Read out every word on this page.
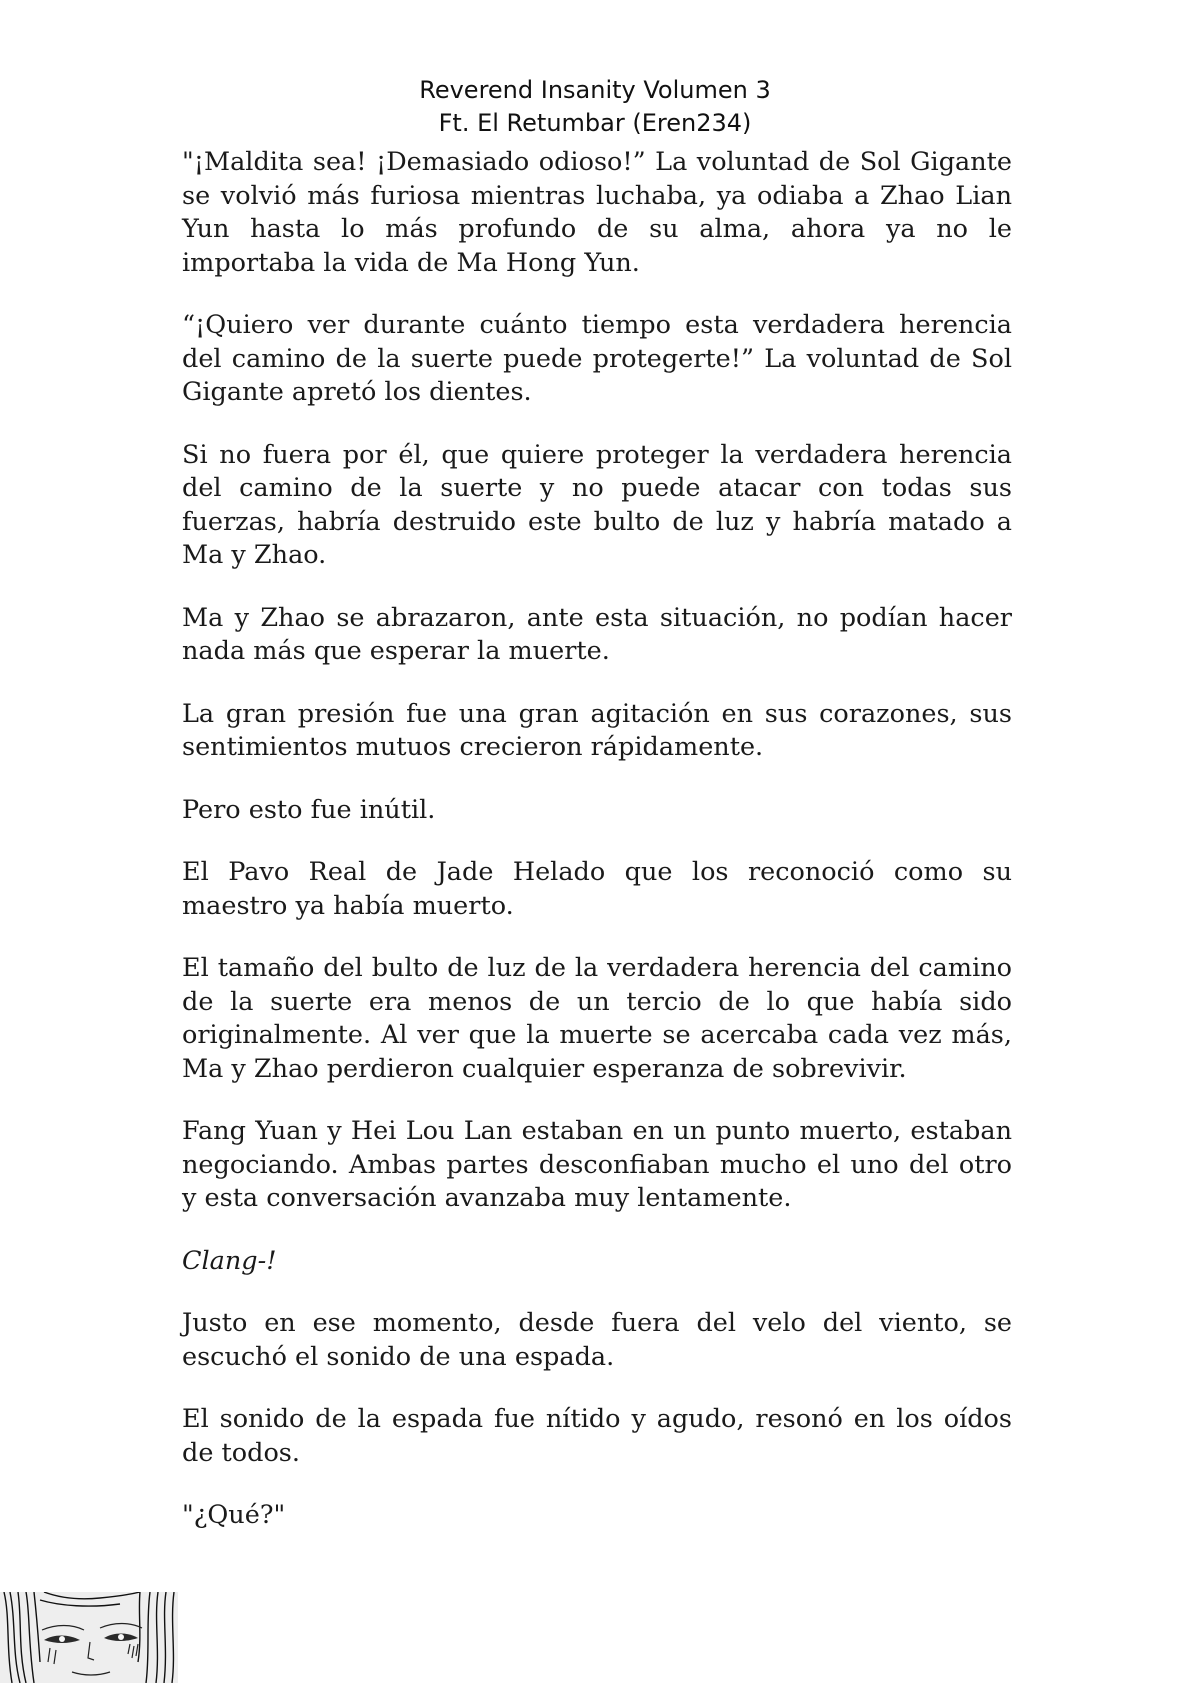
Reverend Insanity Volumen 3
Ft. El Retumbar (Eren234)

"¡Maldita sea! ¡Demasiado odioso!” La voluntad de Sol Gigante se volvió más furiosa mientras luchaba, ya odiaba a Zhao Lian Yun hasta lo más profundo de su alma, ahora ya no le importaba la vida de Ma Hong Yun.

“¡Quiero ver durante cuánto tiempo esta verdadera herencia del camino de la suerte puede protegerte!” La voluntad de Sol Gigante apretó los dientes.

Si no fuera por él, que quiere proteger la verdadera herencia del camino de la suerte y no puede atacar con todas sus fuerzas, habría destruido este bulto de luz y habría matado a Ma y Zhao.

Ma y Zhao se abrazaron, ante esta situación, no podían hacer nada más que esperar la muerte.

La gran presión fue una gran agitación en sus corazones, sus sentimientos mutuos crecieron rápidamente.

Pero esto fue inútil.

El Pavo Real de Jade Helado que los reconoció como su maestro ya había muerto.

El tamaño del bulto de luz de la verdadera herencia del camino de la suerte era menos de un tercio de lo que había sido originalmente. Al ver que la muerte se acercaba cada vez más, Ma y Zhao perdieron cualquier esperanza de sobrevivir.

Fang Yuan y Hei Lou Lan estaban en un punto muerto, estaban negociando. Ambas partes desconfiaban mucho el uno del otro y esta conversación avanzaba muy lentamente.

Clang-!

Justo en ese momento, desde fuera del velo del viento, se escuchó el sonido de una espada.

El sonido de la espada fue nítido y agudo, resonó en los oídos de todos.

"¿Qué?"
